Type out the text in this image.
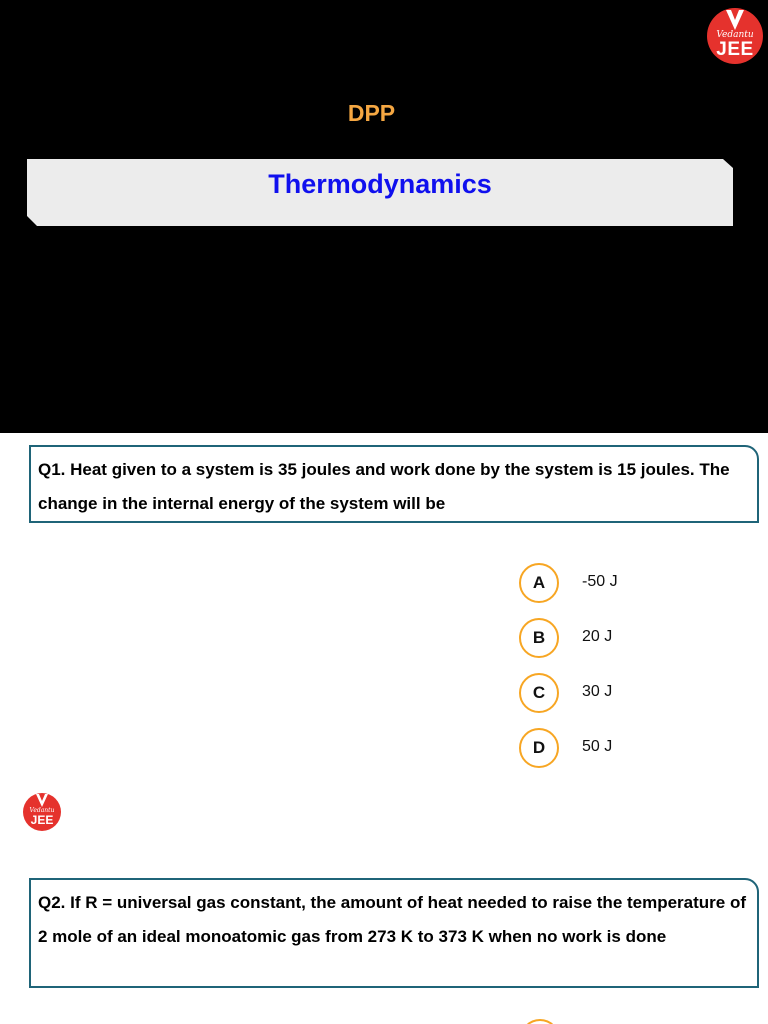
Vedantu
JEE
DPP
Thermodynamics

Q1. Heat given to a system is 35 joules and work done by the system is 15 joules. The change in the internal energy of the system will be

A	-50 J
B	20 J
C	30 J
D	50 J
Vedantu
JEE

Q2. If R = universal gas constant, the amount of heat needed to raise the temperature of 2 mole of an ideal monoatomic gas from 273 K to 373 K when no work is done
